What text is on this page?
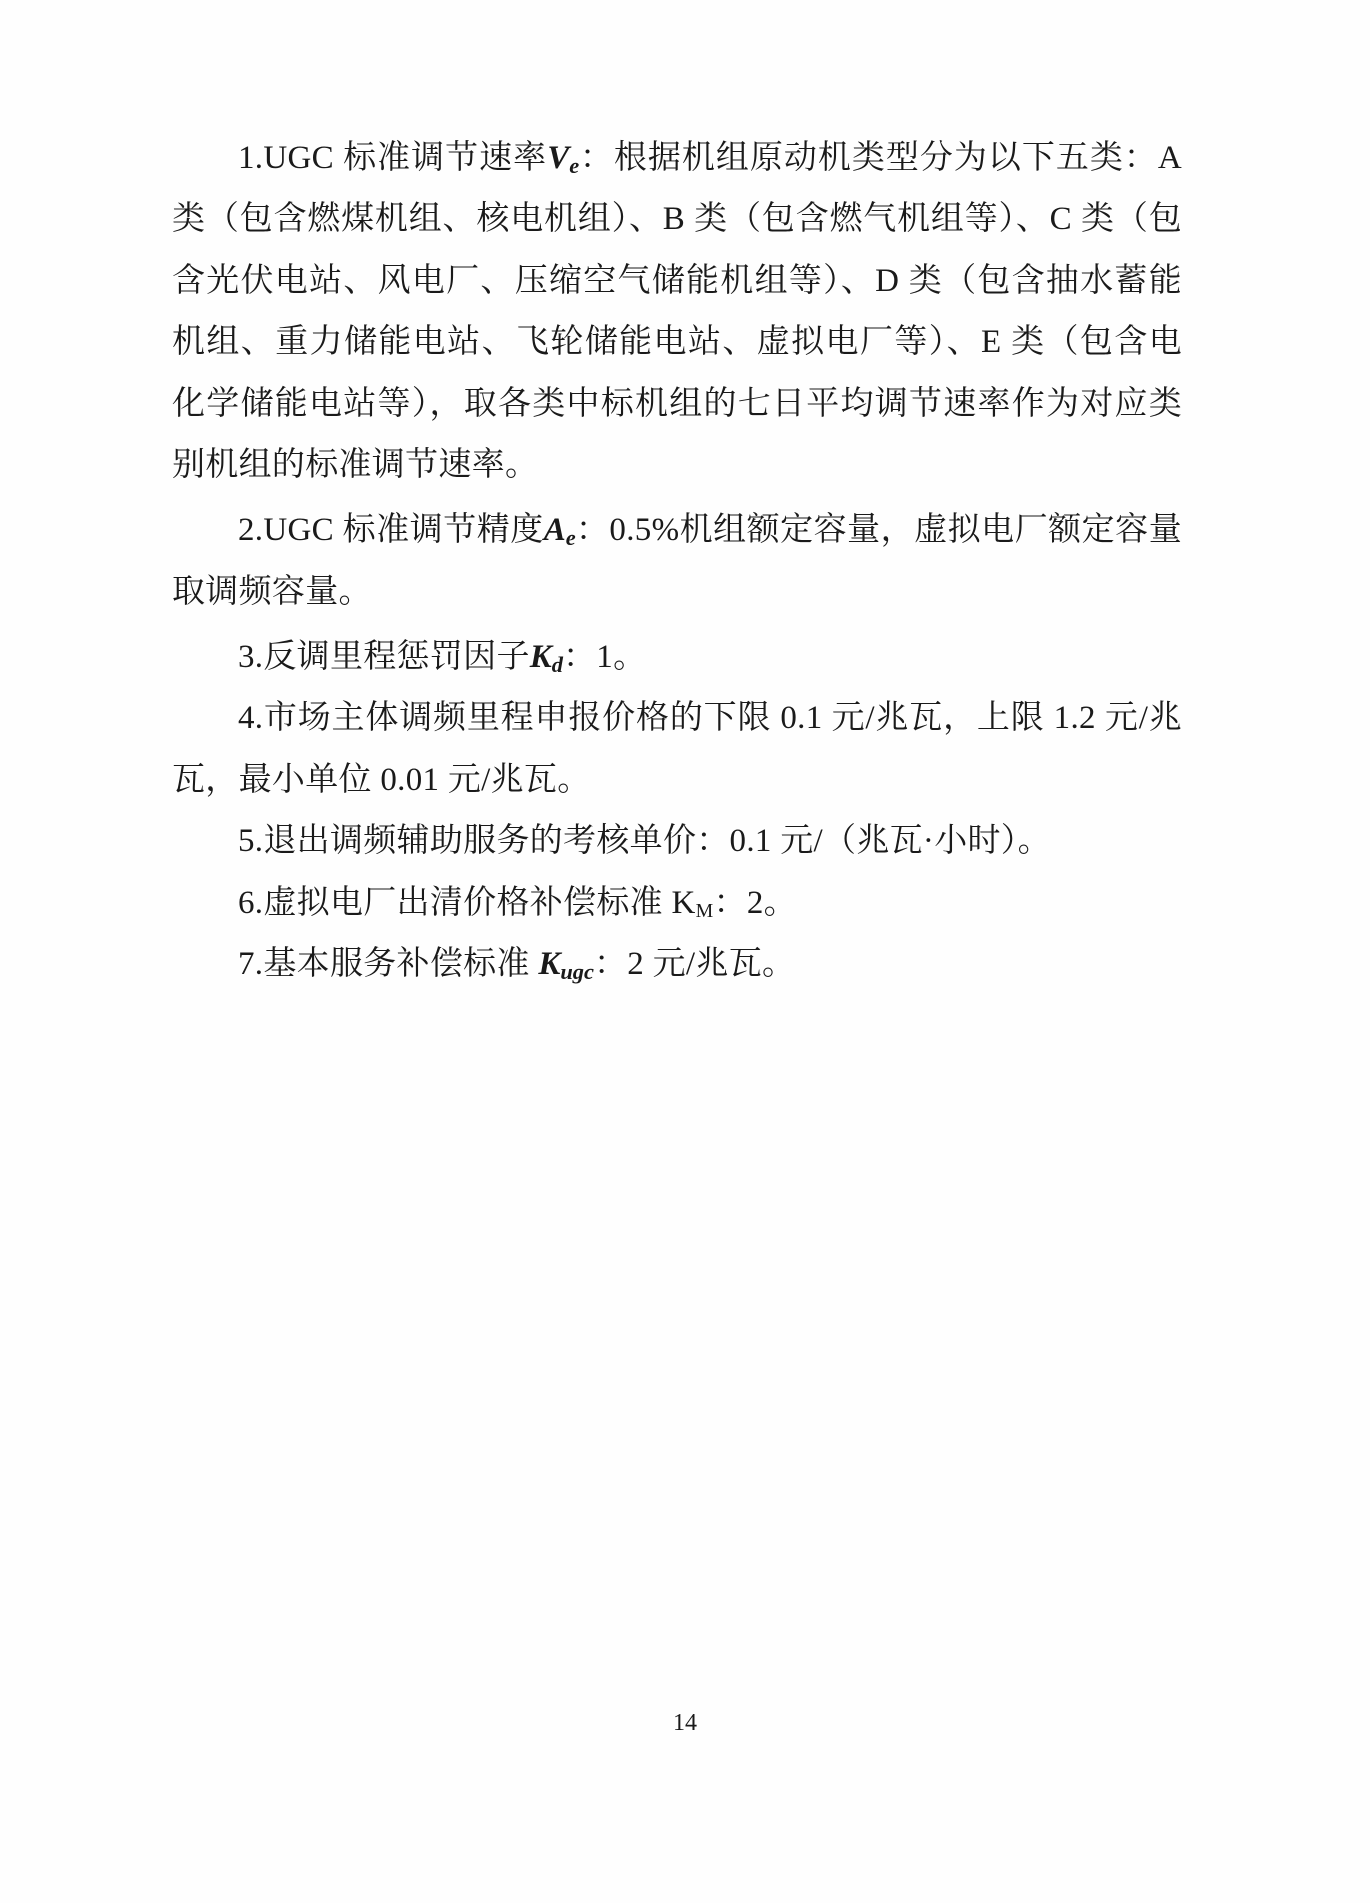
1.UGC 标准调节速率$V_e$：根据机组原动机类型分为以下五类：A 类（包含燃煤机组、核电机组）、B 类（包含燃气机组等）、C 类（包含光伏电站、风电厂、压缩空气储能机组等）、D 类（包含抽水蓄能机组、重力储能电站、飞轮储能电站、虚拟电厂等）、E 类（包含电化学储能电站等），取各类中标机组的七日平均调节速率作为对应类别机组的标准调节速率。

2.UGC 标准调节精度$A_e$：0.5%机组额定容量，虚拟电厂额定容量取调频容量。

3.反调里程惩罚因子$K_d$：1。

4.市场主体调频里程申报价格的下限 0.1 元/兆瓦，上限 1.2 元/兆瓦，最小单位 0.01 元/兆瓦。

5.退出调频辅助服务的考核单价：0.1 元/（兆瓦·小时）。

6.虚拟电厂出清价格补偿标准 $K_M$：2。

7.基本服务补偿标准 $K_{ugc}$：2 元/兆瓦。

14
